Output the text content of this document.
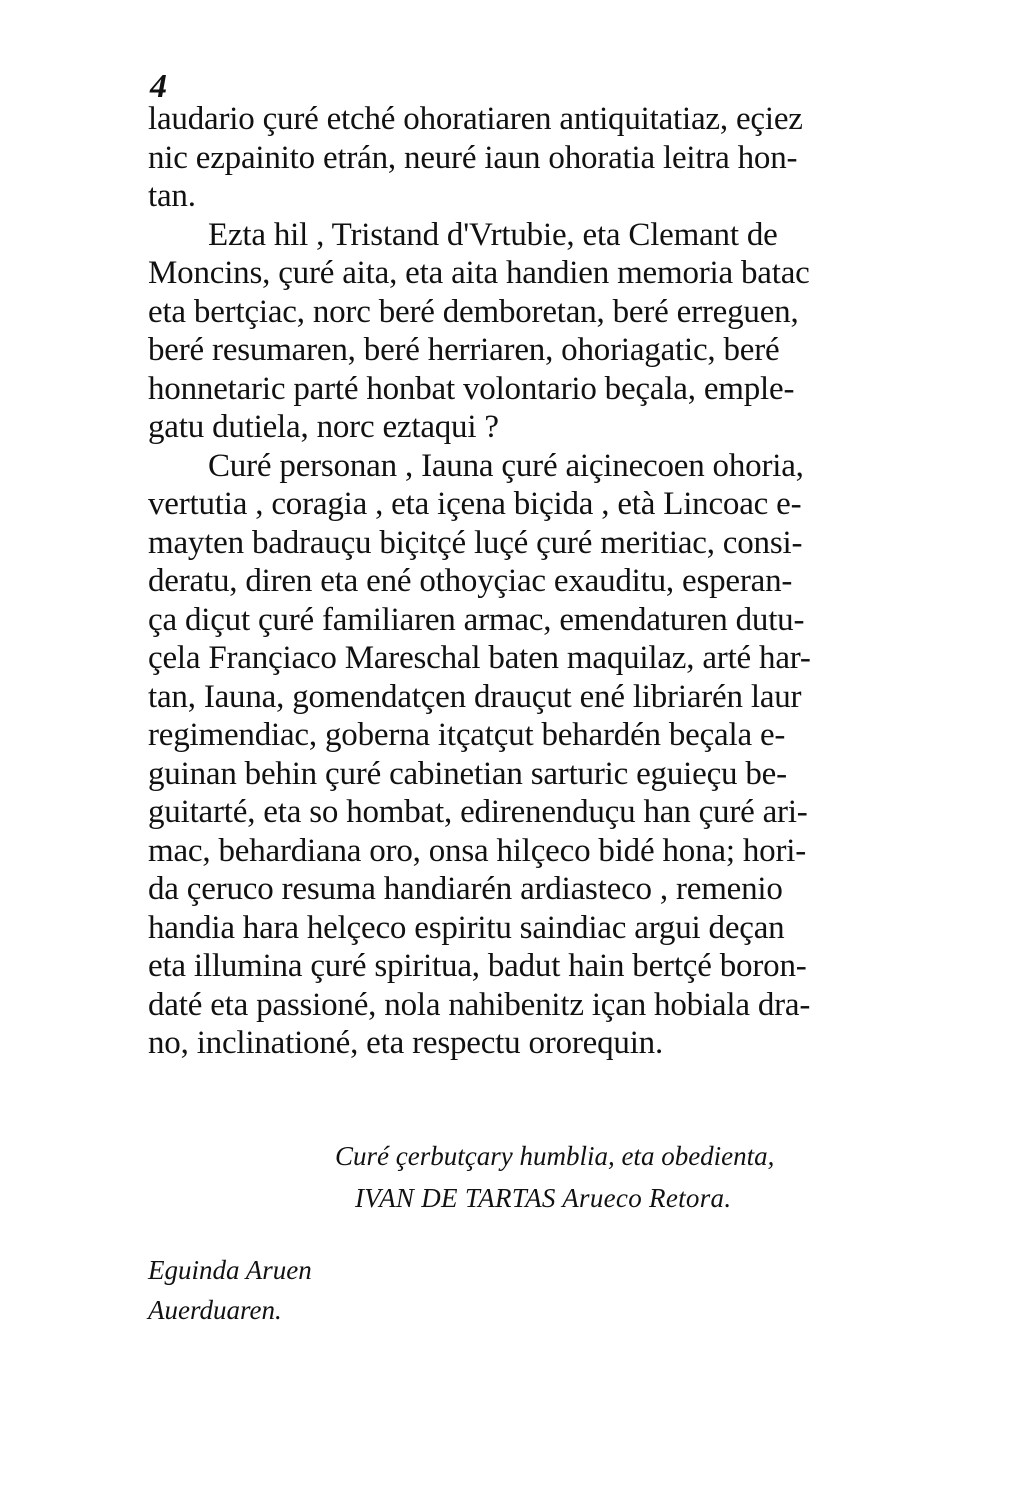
4
laudario çuré etché ohoratiaren antiquitatiaz, eçiez
nic ezpainito etrán, neuré iaun ohoratia leitra hon-
tan.
Ezta hil , Tristand d'Vrtubie, eta Clemant de
Moncins, çuré aita, eta aita handien memoria batac
eta bertçiac, norc beré demboretan, beré erreguen,
beré resumaren, beré herriaren, ohoriagatic, beré
honnetaric parté honbat volontario beçala, emple-
gatu dutiela, norc eztaqui ?
Curé personan , Iauna çuré aiçinecoen ohoria,
vertutia , coragia , eta içena biçida , età Lincoac e-
mayten badrauçu biçitçé luçé çuré meritiac, consi-
deratu, diren eta ené othoyçiac exauditu, esperan-
ça diçut çuré familiaren armac, emendaturen dutu-
çela Françiaco Mareschal baten maquilaz, arté har-
tan, Iauna, gomendatçen drauçut ené libriarén laur
regimendiac, goberna itçatçut behardén beçala e-
guinan behin çuré cabinetian sarturic eguieçu be-
guitarté, eta so hombat, edirenenduçu han çuré ari-
mac, behardiana oro, onsa hilçeco bidé hona; hori-
da çeruco resuma handiarén ardiasteco , remenio
handia hara helçeco espiritu saindiac argui deçan
eta illumina çuré spiritua, badut hain bertçé boron-
daté eta passioné, nola nahibenitz içan hobiala dra-
no, inclinationé, eta respectu ororequin.
Curé çerbutçary humblia, eta obedienta,
IVAN DE TARTAS Arueco Retora.
Eguinda Aruen
Auerduaren.
